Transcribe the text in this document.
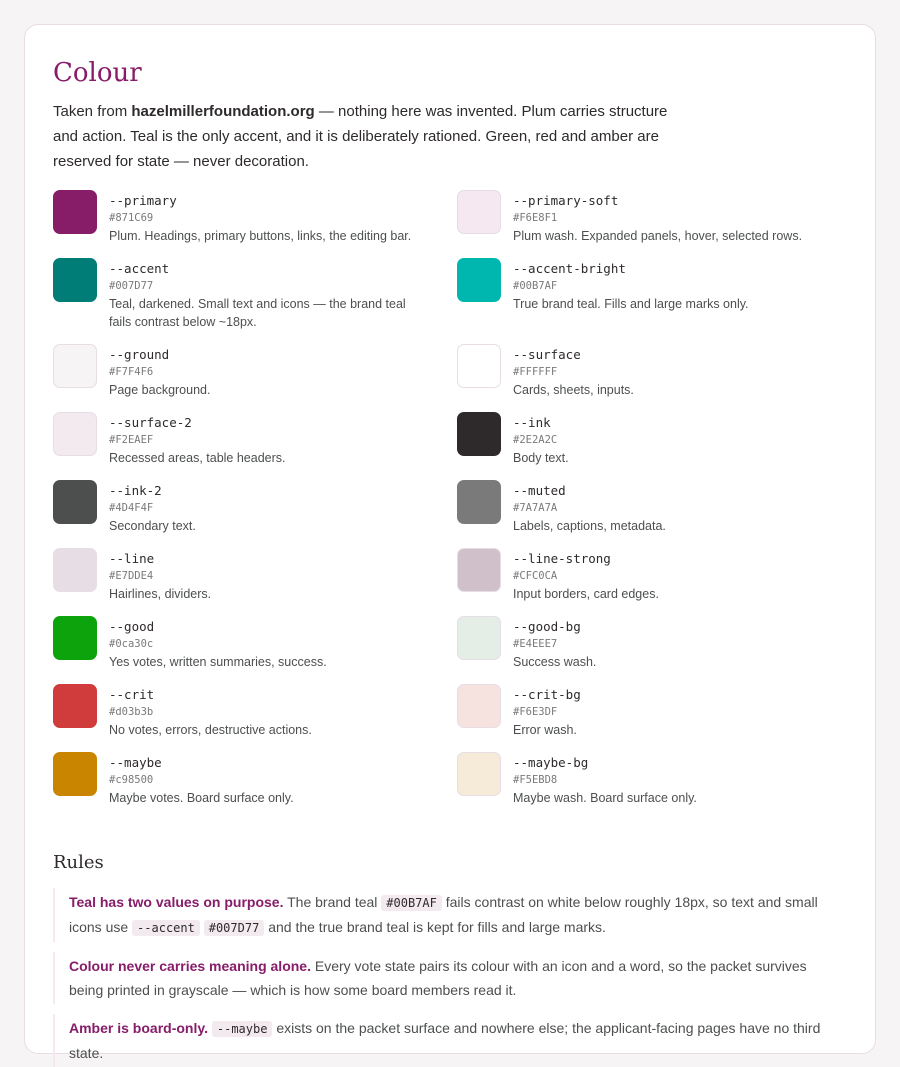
Colour

Taken from hazelmillerfoundation.org — nothing here was invented. Plum carries structure and action. Teal is the only accent, and it is deliberately rationed. Green, red and amber are reserved for state — never decoration.

--primary
#871C69
Plum. Headings, primary buttons, links, the editing bar.
--primary-soft
#F6E8F1
Plum wash. Expanded panels, hover, selected rows.
--accent
#007D77
Teal, darkened. Small text and icons — the brand teal fails contrast below ~18px.
--accent-bright
#00B7AF
True brand teal. Fills and large marks only.
--ground
#F7F4F6
Page background.
--surface
#FFFFFF
Cards, sheets, inputs.
--surface-2
#F2EAEF
Recessed areas, table headers.
--ink
#2E2A2C
Body text.
--ink-2
#4D4F4F
Secondary text.
--muted
#7A7A7A
Labels, captions, metadata.
--line
#E7DDE4
Hairlines, dividers.
--line-strong
#CFC0CA
Input borders, card edges.
--good
#0ca30c
Yes votes, written summaries, success.
--good-bg
#E4EEE7
Success wash.
--crit
#d03b3b
No votes, errors, destructive actions.
--crit-bg
#F6E3DF
Error wash.
--maybe
#c98500
Maybe votes. Board surface only.
--maybe-bg
#F5EBD8
Maybe wash. Board surface only.
Rules
Teal has two values on purpose. The brand teal #00B7AF fails contrast on white below roughly 18px, so text and small icons use --accent #007D77 and the true brand teal is kept for fills and large marks.
Colour never carries meaning alone. Every vote state pairs its colour with an icon and a word, so the packet survives being printed in grayscale — which is how some board members read it.
Amber is board-only. --maybe exists on the packet surface and nowhere else; the applicant-facing pages have no third state.
